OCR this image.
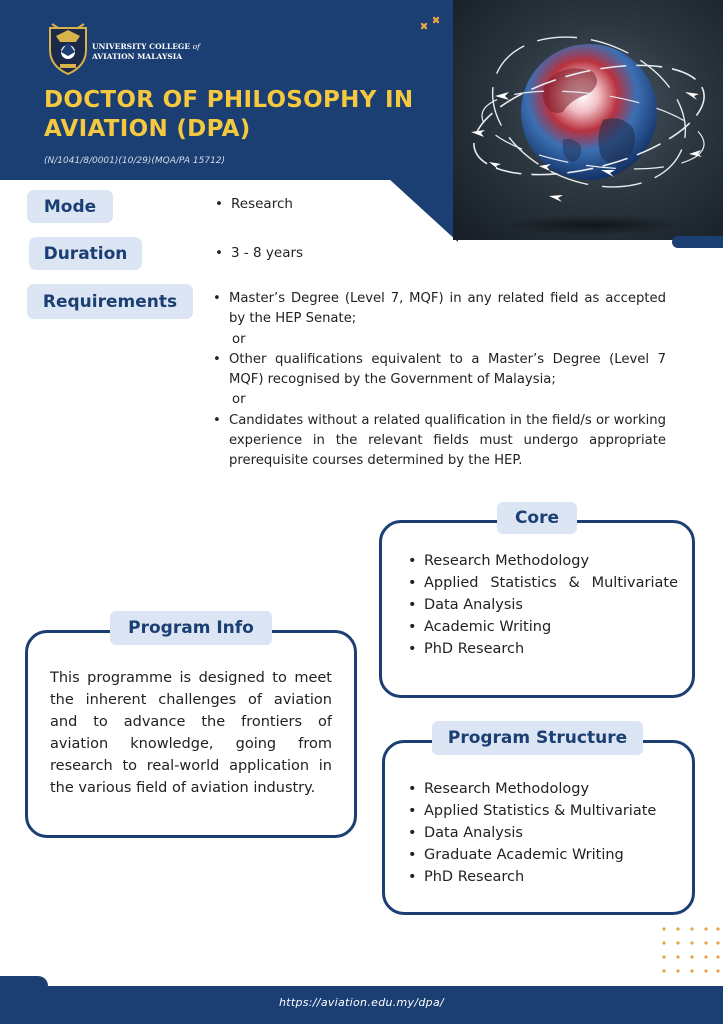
UNIVERSITY COLLEGE of
AVIATION MALAYSIA
DOCTOR OF PHILOSOPHY IN
AVIATION (DPA)
(N/1041/8/0001)(10/29)(MQA/PA 15712)
Mode	• Research
Duration	• 3 - 8 years
Requirements	• Master’s Degree (Level 7, MQF) in any related field as accepted by the HEP Senate;
or
• Other qualifications equivalent to a Master’s Degree (Level 7 MQF) recognised by the Government of Malaysia;
or
• Candidates without a related qualification in the field/s or working experience in the relevant fields must undergo appropriate prerequisite courses determined by the HEP.
Core
• Research Methodology
• Applied Statistics & Multivariate
• Data Analysis
• Academic Writing
• PhD Research
Program Info

This programme is designed to meet the inherent challenges of aviation and to advance the frontiers of aviation knowledge, going from research to real-world application in the various field of aviation industry.

Program Structure
• Research Methodology
• Applied Statistics & Multivariate
• Data Analysis
• Graduate Academic Writing
• PhD Research
https://aviation.edu.my/dpa/
